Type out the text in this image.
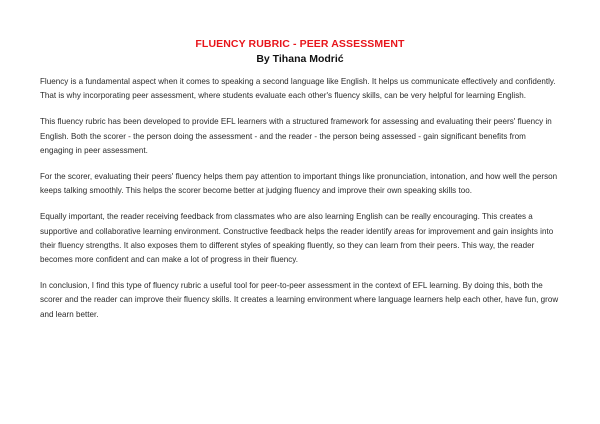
FLUENCY RUBRIC - PEER ASSESSMENT
By Tihana Modrić

Fluency is a fundamental aspect when it comes to speaking a second language like English. It helps us communicate effectively and confidently. That is why incorporating peer assessment, where students evaluate each other's fluency skills, can be very helpful for learning English.

This fluency rubric has been developed to provide EFL learners with a structured framework for assessing and evaluating their peers' fluency in English. Both the scorer - the person doing the assessment - and the reader - the person being assessed - gain significant benefits from engaging in peer assessment.

For the scorer, evaluating their peers' fluency helps them pay attention to important things like pronunciation, intonation, and how well the person keeps talking smoothly. This helps the scorer become better at judging fluency and improve their own speaking skills too.

Equally important, the reader receiving feedback from classmates who are also learning English can be really encouraging. This creates a supportive and collaborative learning environment. Constructive feedback helps the reader identify areas for improvement and gain insights into their fluency strengths. It also exposes them to different styles of speaking fluently, so they can learn from their peers. This way, the reader becomes more confident and can make a lot of progress in their fluency.

In conclusion, I find this type of fluency rubric a useful tool for peer-to-peer assessment in the context of EFL learning. By doing this, both the scorer and the reader can improve their fluency skills. It creates a learning environment where language learners help each other, have fun, grow and learn better.
